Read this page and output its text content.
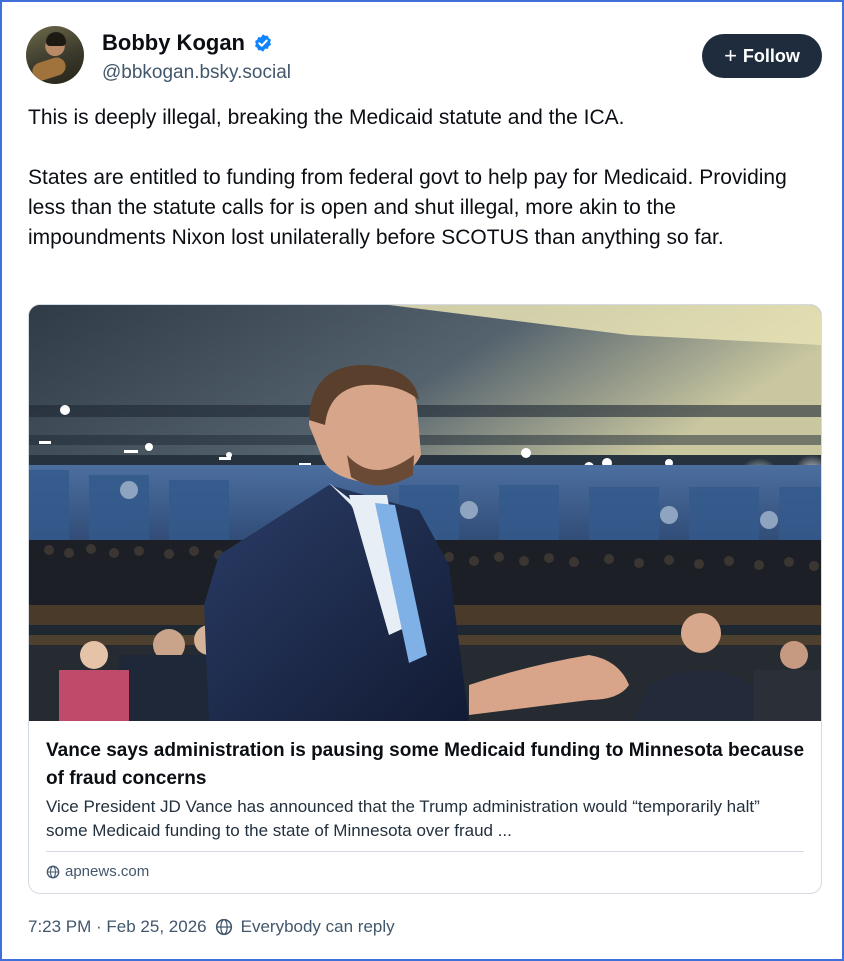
Bobby Kogan
@bbkogan.bsky.social
+ Follow

This is deeply illegal, breaking the Medicaid statute and the ICA.

States are entitled to funding from federal govt to help pay for Medicaid. Providing less than the statute calls for is open and shut illegal, more akin to the impoundments Nixon lost unilaterally before SCOTUS than anything so far.

Vance says administration is pausing some Medicaid funding to Minnesota because of fraud concerns
Vice President JD Vance has announced that the Trump administration would “temporarily halt” some Medicaid funding to the state of Minnesota over fraud ...
apnews.com
7:23 PM · Feb 25, 2026 Everybody can reply
